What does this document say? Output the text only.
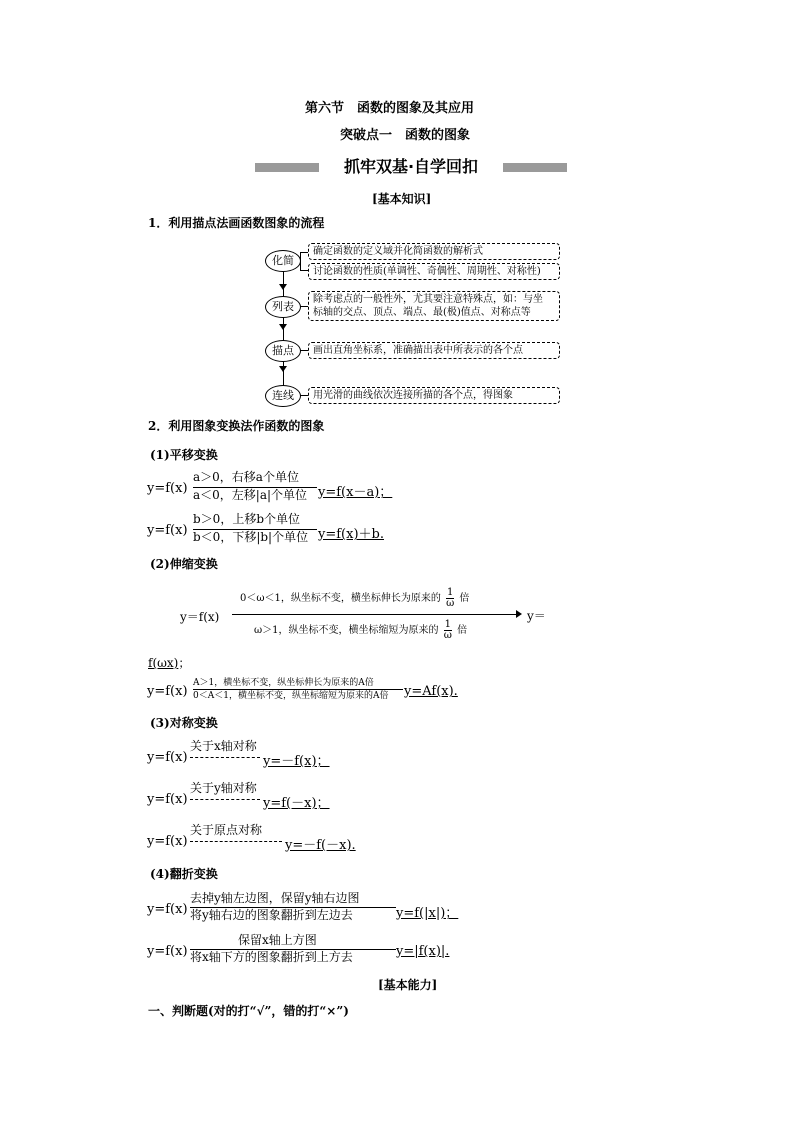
第六节　函数的图象及其应用
突破点一　函数的图象
抓牢双基·自学回扣
[基本知识]
1．利用描点法画函数图象的流程
化简
列表
描点
连线
确定函数的定义域并化简函数的解析式
讨论函数的性质(单调性、奇偶性、周期性、对称性)
除考虑点的一般性外，尤其要注意特殊点，如：与坐
标轴的交点、顶点、端点、最(极)值点、对称点等
画出直角坐标系，准确描出表中所表示的各个点
用光滑的曲线依次连接所描的各个点，得图象
2．利用图象变换法作函数的图象
(1)平移变换
y=f(x)
a＞0，右移a个单位
a＜0，左移|a|个单位 y=f(x－a)；
y=f(x)
b＞0，上移b个单位
b＜0，下移|b|个单位 y=f(x)＋b.
(2)伸缩变换
y＝f(x)
0＜ω＜1，纵坐标不变，横坐标伸长为原来的 $\frac{1}{\omega}$ 倍
ω＞1，纵坐标不变，横坐标缩短为原来的 $\frac{1}{\omega}$ 倍
y＝
f(ωx)；
y=f(x)
A＞1，横坐标不变，纵坐标伸长为原来的A倍
0＜A＜1，横坐标不变，纵坐标缩短为原来的A倍 y=Af(x).
(3)对称变换
y=f(x)
关于x轴对称
y=－f(x)；
y=f(x)
关于y轴对称
y=f(－x)；
y=f(x)
关于原点对称
y=－f(－x).
(4)翻折变换
y=f(x)
去掉y轴左边图，保留y轴右边图
将y轴右边的图象翻折到左边去	y=f(|x|)；
y=f(x)
保留x轴上方图
将x轴下方的图象翻折到上方去	y=|f(x)|.
[基本能力]
一、判断题(对的打“√”，错的打“×”)
